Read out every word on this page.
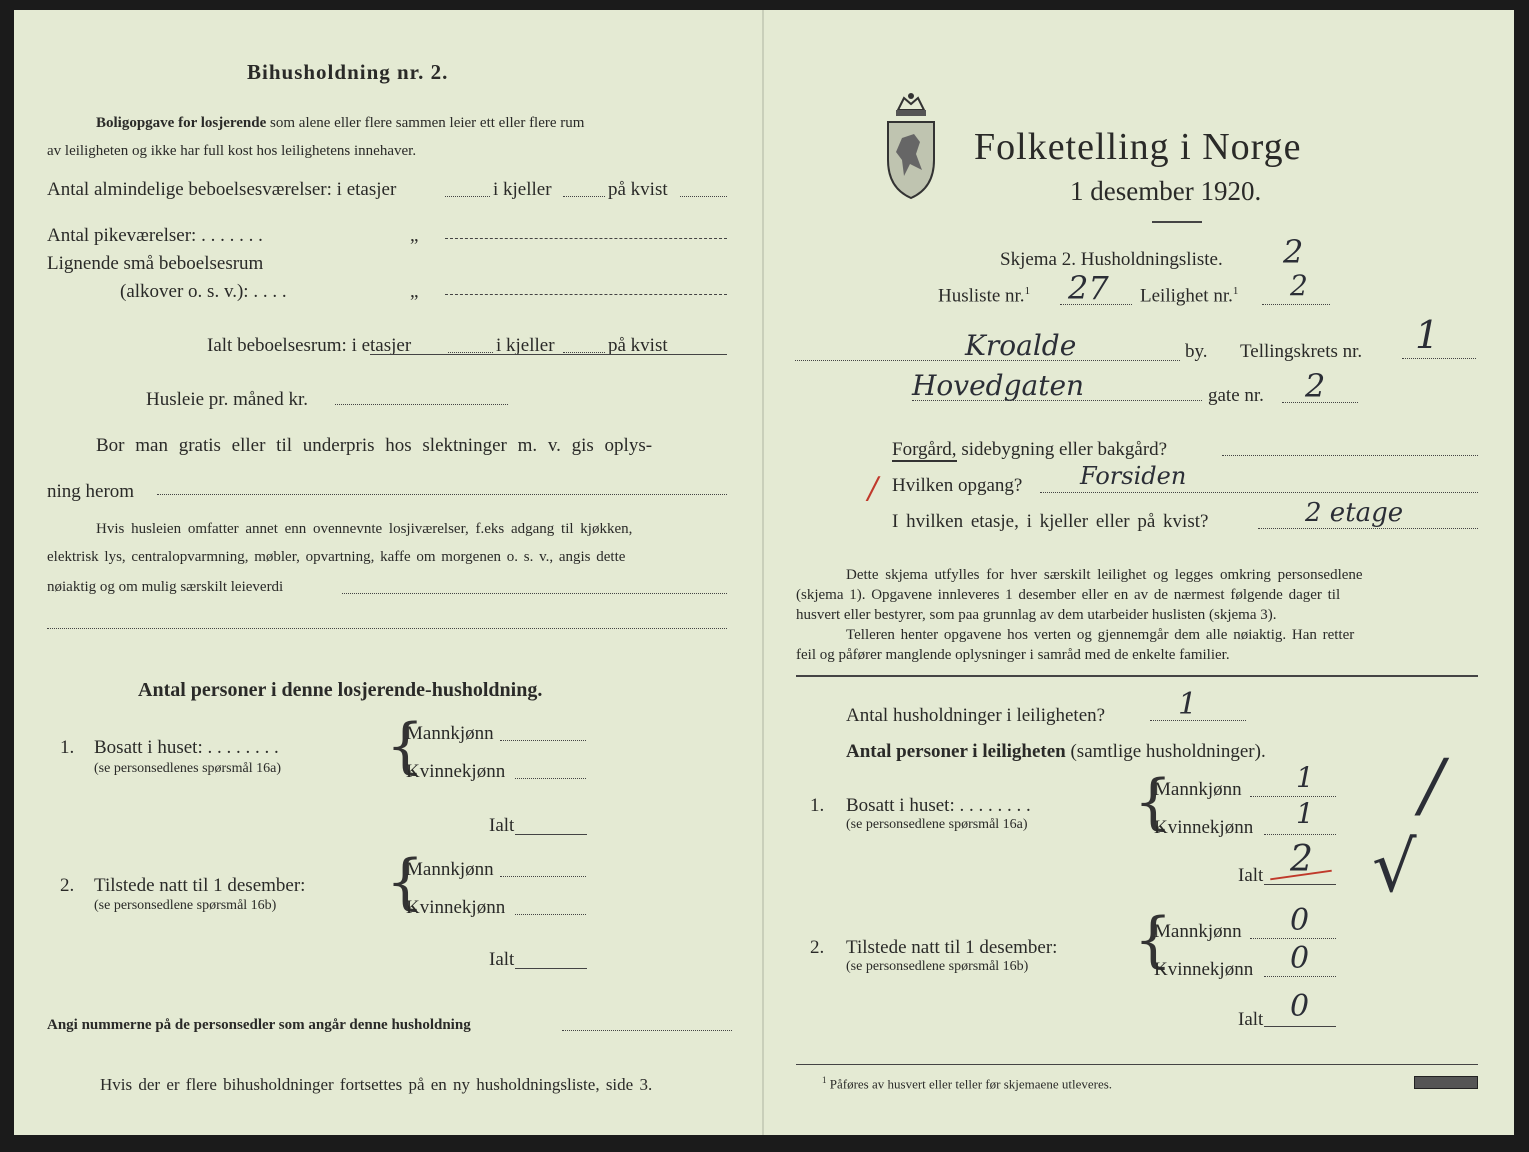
Bihusholdning nr. 2.
Boligopgave for losjerende som alene eller flere sammen leier ett eller flere rum
av leiligheten og ikke har full kost hos leilighetens innehaver.
Antal almindelige beboelsesværelser: i etasjer	i kjeller	på kvist
Antal pikeværelser: . . . . . . .	„
Lignende små beboelsesrum
(alkover o. s. v.): . . . .	„
Ialt beboelsesrum: i etasjer	i kjeller	på kvist
Husleie pr. måned kr.
Bor man gratis eller til underpris hos slektninger m. v. gis oplys-
ning herom
Hvis husleien omfatter annet enn ovennevnte losjiværelser, f.eks adgang til kjøkken,
elektrisk lys, centralopvarmning, møbler, opvartning, kaffe om morgenen o. s. v., angis dette
nøiaktig og om mulig særskilt leieverdi
Antal personer i denne losjerende-husholdning.
1. Bosatt i huset: . . . . . . . .
(se personsedlenes spørsmål 16a) {
Mannkjønn
Kvinnekjønn
Ialt
2. Tilstede natt til 1 desember:
(se personsedlene spørsmål 16b) {
Mannkjønn
Kvinnekjønn
Ialt
Angi nummerne på de personsedler som angår denne husholdning
Hvis der er flere bihusholdninger fortsettes på en ny husholdningsliste, side 3.
Folketelling i Norge
1 desember 1920.
Skjema 2. Husholdningsliste. 2
Husliste nr.$^1$ 27 Leilighet nr.$^1$ 2
Kroalde	by. Tellingskrets nr. 1
Hovedgaten	gate nr. 2
Forgård, sidebygning eller bakgård?
/ Hvilken opgang? Forsiden
I hvilken etasje, i kjeller eller på kvist?	2 etage
Dette skjema utfylles for hver særskilt leilighet og legges omkring personsedlene
(skjema 1). Opgavene innleveres 1 desember eller en av de nærmest følgende dager til
husvert eller bestyrer, som paa grunnlag av dem utarbeider huslisten (skjema 3).
Telleren henter opgavene hos verten og gjennemgår dem alle nøiaktig. Han retter
feil og påfører manglende oplysninger i samråd med de enkelte familier.
Antal husholdninger i leiligheten? 1
Antal personer i leiligheten (samtlige husholdninger).
1. Bosatt i huset: . . . . . . . .
(se personsedlene spørsmål 16a) {
Mannkjønn 1
Kvinnekjønn 1
Ialt 2
/
√
2. Tilstede natt til 1 desember:
(se personsedlene spørsmål 16b) {
Mannkjønn 0
Kvinnekjønn 0
Ialt 0
$^1$ Påføres av husvert eller teller før skjemaene utleveres.
